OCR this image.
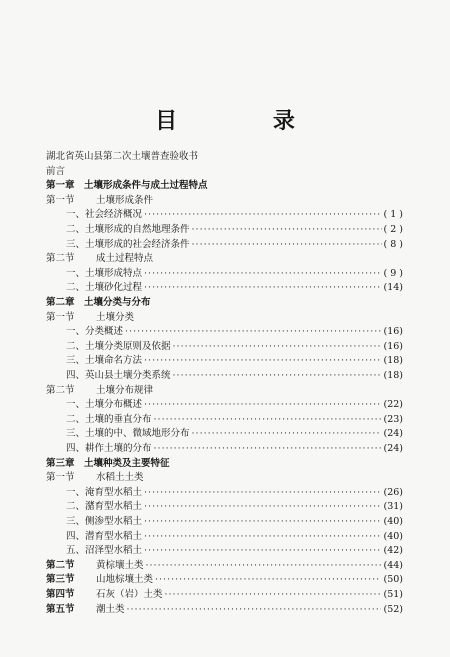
目 录
湖北省英山县第二次土壤普查验收书
前言
第一章 土壤形成条件与成土过程特点
第一节 土壤形成条件
一、 社会经济概况 ·····	( 1 )
二、 土壤形成的自然地理条件 ·····	( 2 )
三、 土壤形成的社会经济条件 ·····	( 8 )
第二节 成土过程特点
一、 土壤形成特点 ·····	( 9 )
二、 土壤砂化过程 ·····	(14)
第二章 土壤分类与分布
第一节 土壤分类
一、 分类概述 ·····	(16)
二、 土壤分类原则及依据 ·····	(16)
三、 土壤命名方法 ·····	(18)
四、 英山县土壤分类系统 ·····	(18)
第二节 土壤分布规律
一、 土壤分布概述 ·····	(22)
二、 土壤的垂直分布 ·····	(23)
三、 土壤的中、微域地形分布 ·····	(24)
四、 耕作土壤的分布 ·····	(24)
第三章 土壤种类及主要特征
第一节 水稻土土类
一、 淹育型水稻土 ·····	(26)
二、 潴育型水稻土 ·····	(31)
三、 侧渗型水稻土 ·····	(40)
四、 潜育型水稻土 ·····	(40)
五、 沼泽型水稻土 ·····	(42)
第二节	黄棕壤土类 ·····	(44)
第三节	山地棕壤土类 ·····	(50)
第四节	石灰（岩）土类 ·····	(51)
第五节	潮土类 ·····	(52)
